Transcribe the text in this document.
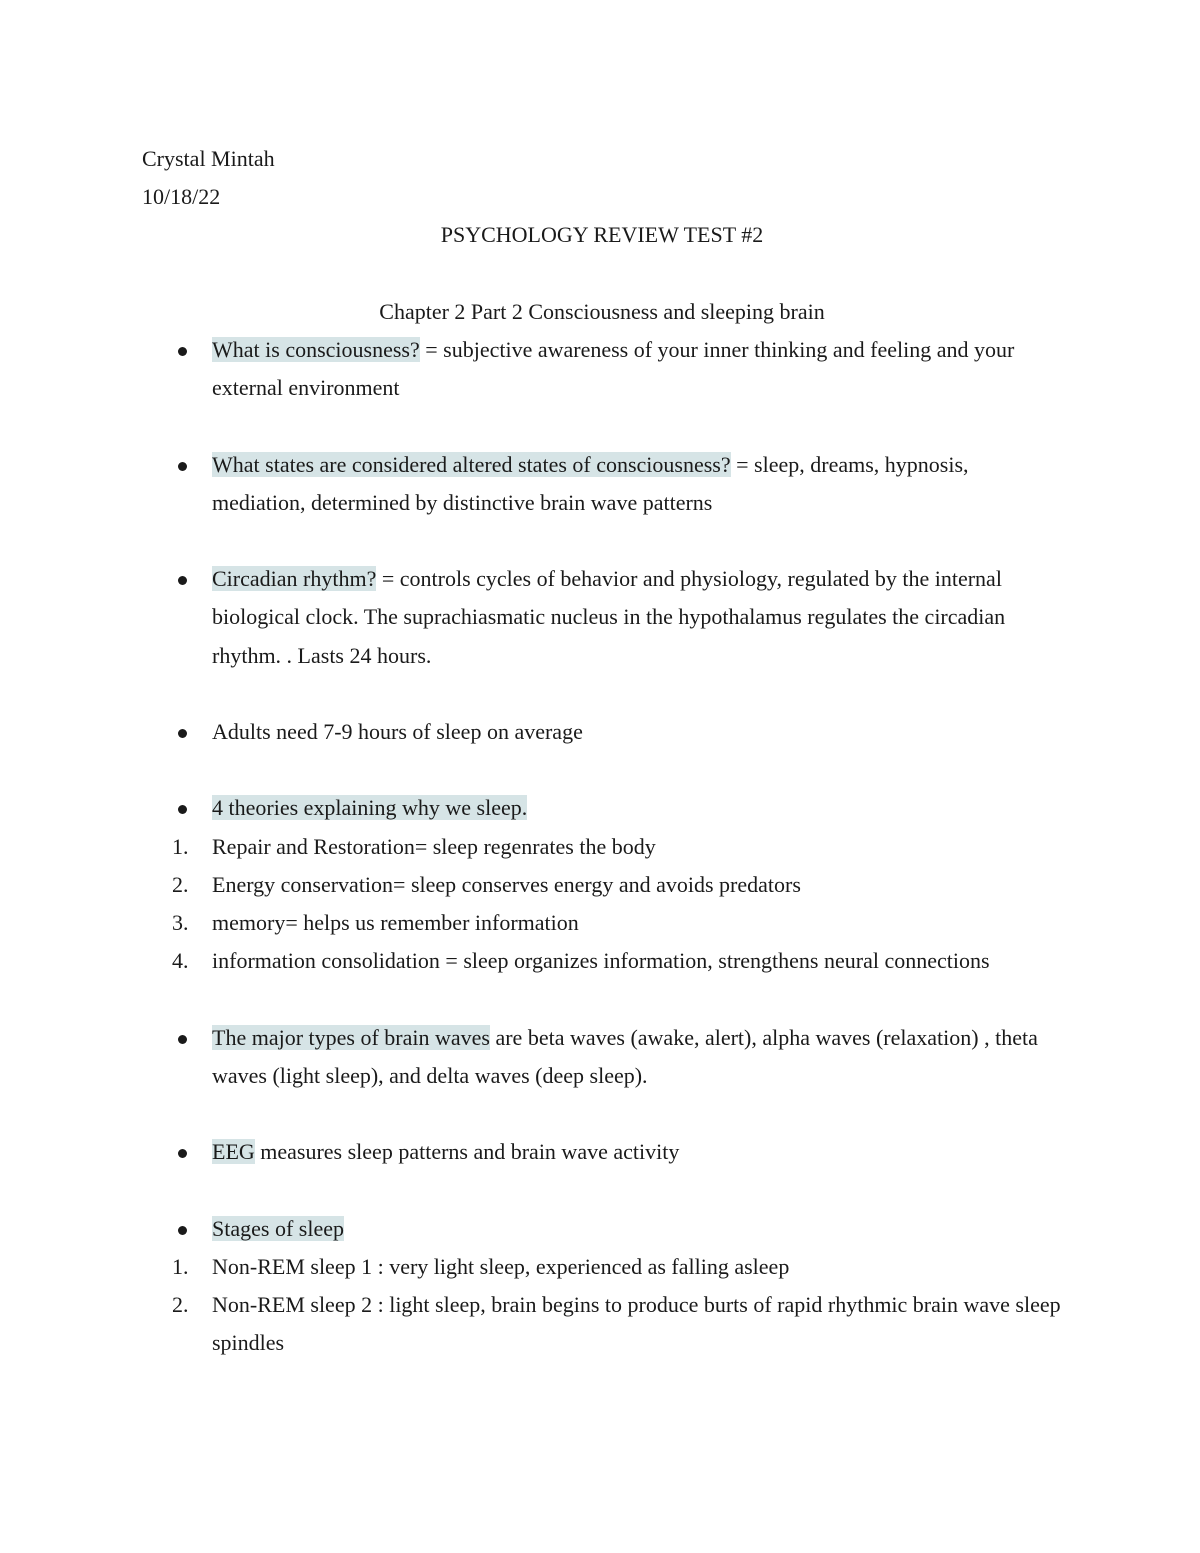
Crystal Mintah

10/18/22

PSYCHOLOGY REVIEW TEST #2

Chapter 2 Part 2 Consciousness and sleeping brain

What is consciousness? = subjective awareness of your inner thinking and feeling and your external environment
What states are considered altered states of consciousness? = sleep, dreams, hypnosis, mediation, determined by distinctive brain wave patterns
Circadian rhythm? = controls cycles of behavior and physiology, regulated by the internal biological clock. The suprachiasmatic nucleus in the hypothalamus regulates the circadian rhythm. . Lasts 24 hours.
Adults need 7-9 hours of sleep on average
4 theories explaining why we sleep.
1. Repair and Restoration= sleep regenrates the body
2. Energy conservation= sleep conserves energy and avoids predators
3. memory= helps us remember information
4. information consolidation = sleep organizes information, strengthens neural connections
The major types of brain waves are beta waves (awake, alert), alpha waves (relaxation) , theta waves (light sleep), and delta waves (deep sleep).
EEG measures sleep patterns and brain wave activity
Stages of sleep
1. Non-REM sleep 1 : very light sleep, experienced as falling asleep
2. Non-REM sleep 2 : light sleep, brain begins to produce burts of rapid rhythmic brain wave sleep spindles
